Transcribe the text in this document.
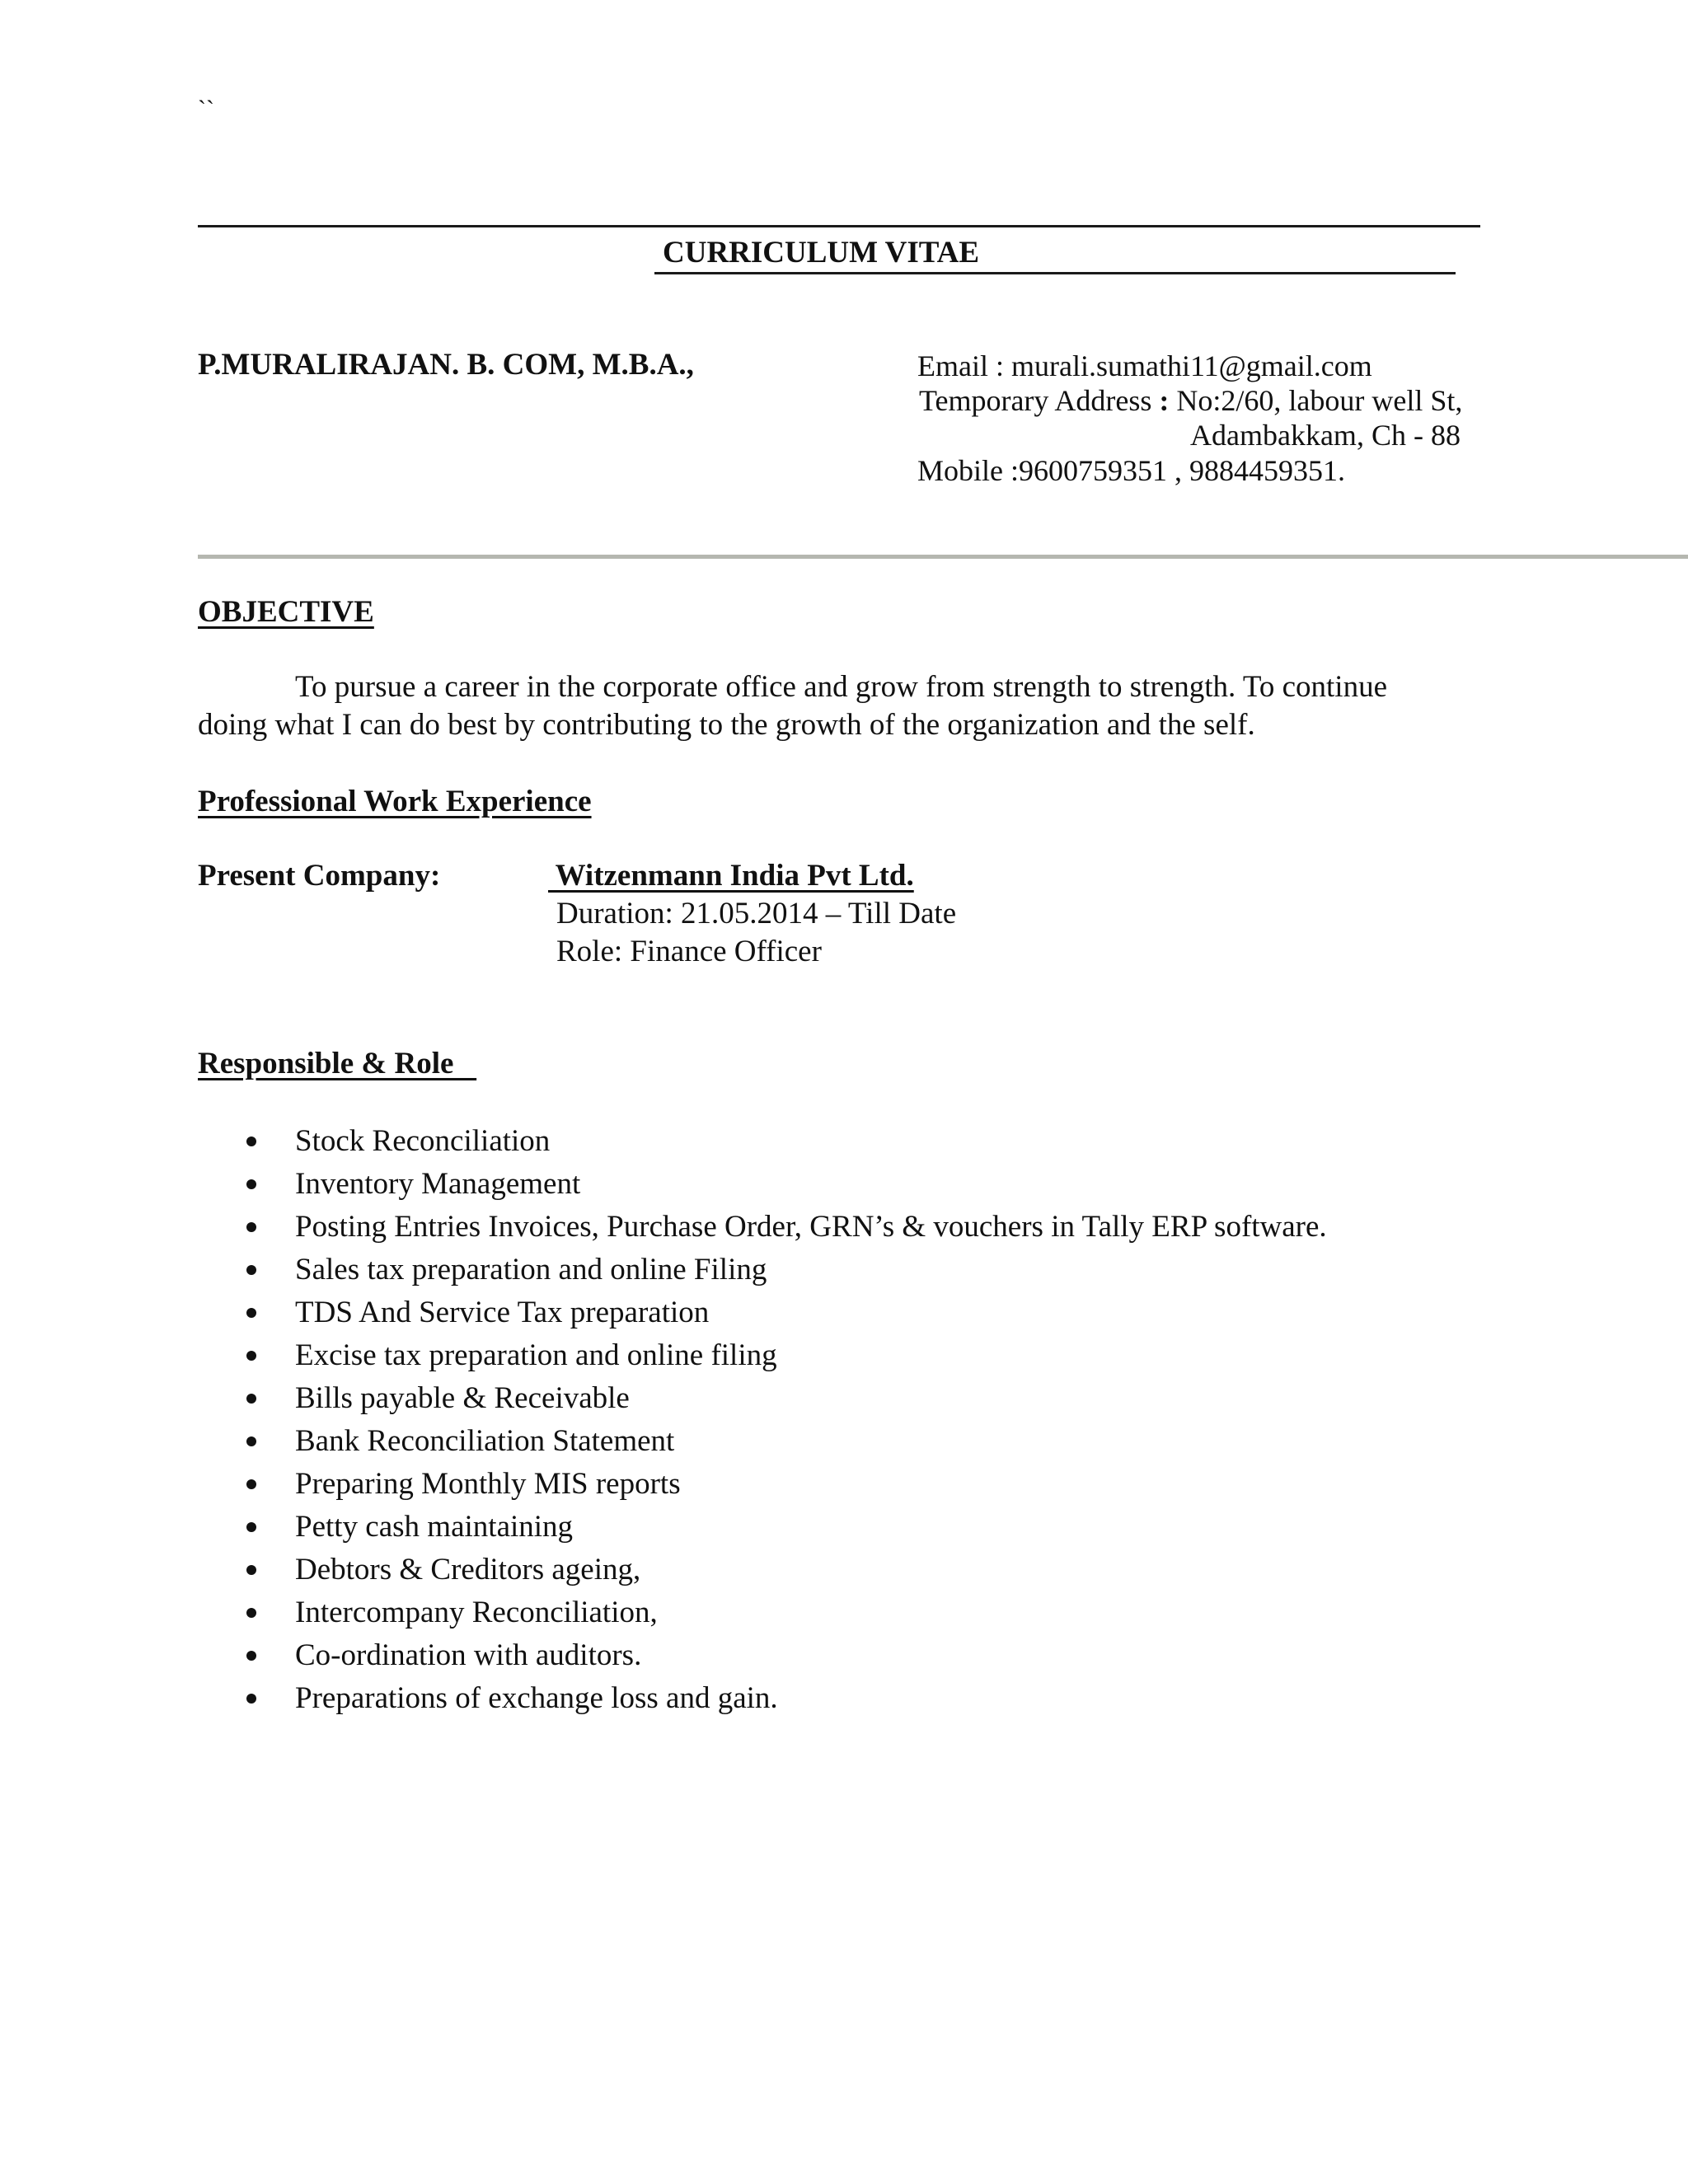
``
CURRICULUM VITAE
P.MURALIRAJAN. B. COM, M.B.A.,	Email : murali.sumathi11@gmail.com
Temporary Address : No:2/60, labour well St,
Adambakkam, Ch - 88
Mobile :9600759351 , 9884459351.
OBJECTIVE
To pursue a career in the corporate office and grow from strength to strength. To continue
doing what I can do best by contributing to the growth of the organization and the self.
Professional Work Experience
Present Company:	Witzenmann India Pvt Ltd.
Duration: 21.05.2014 – Till Date
Role: Finance Officer
Responsible & Role
Stock Reconciliation
Inventory Management
Posting Entries Invoices, Purchase Order, GRN’s & vouchers in Tally ERP software.
Sales tax preparation and online Filing
TDS And Service Tax preparation
Excise tax preparation and online filing
Bills payable & Receivable
Bank Reconciliation Statement
Preparing Monthly MIS reports
Petty cash maintaining
Debtors & Creditors ageing,
Intercompany Reconciliation,
Co-ordination with auditors.
Preparations of exchange loss and gain.
